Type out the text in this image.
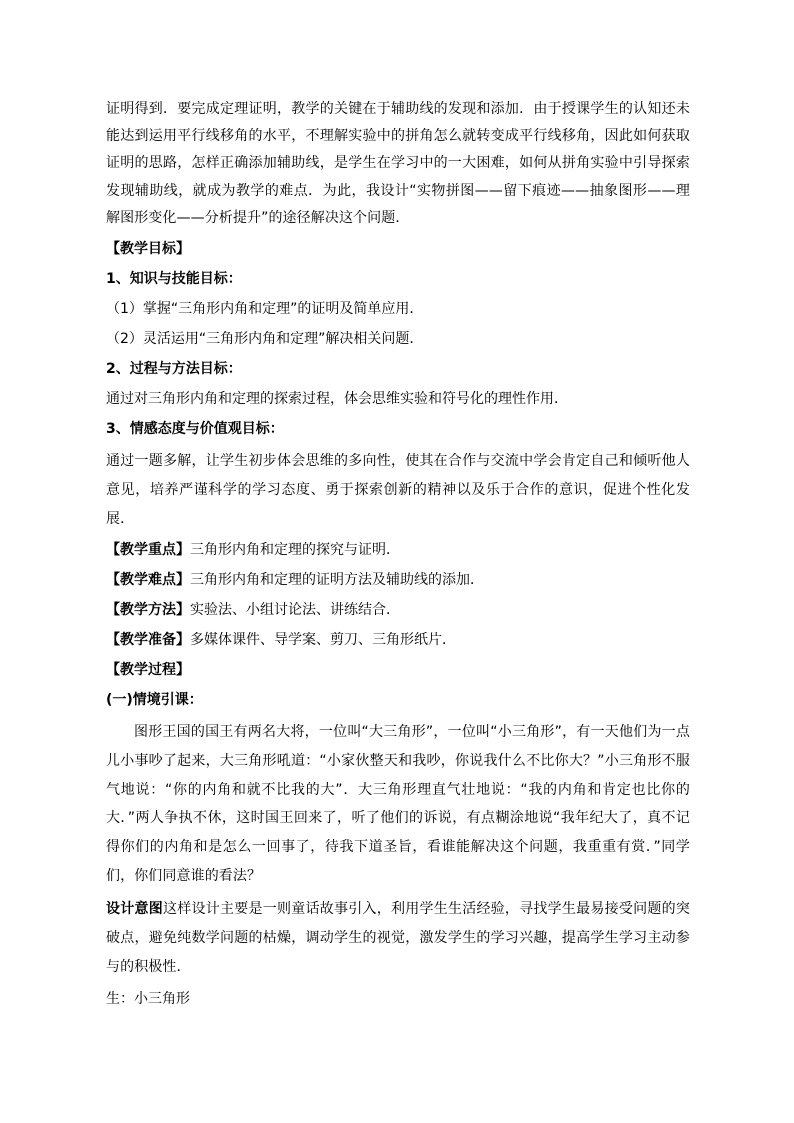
证明得到．要完成定理证明，教学的关键在于辅助线的发现和添加．由于授课学生的认知还未能达到运用平行线移角的水平，不理解实验中的拼角怎么就转变成平行线移角，因此如何获取证明的思路，怎样正确添加辅助线，是学生在学习中的一大困难，如何从拼角实验中引导探索发现辅助线，就成为教学的难点．为此，我设计“实物拼图——留下痕迹——抽象图形——理解图形变化——分析提升”的途径解决这个问题．

【教学目标】
1、知识与技能目标：
（1）掌握“三角形内角和定理”的证明及简单应用．
（2）灵活运用“三角形内角和定理”解决相关问题．
2、过程与方法目标：
通过对三角形内角和定理的探索过程，体会思维实验和符号化的理性作用．
3、情感态度与价值观目标：

通过一题多解，让学生初步体会思维的多向性，使其在合作与交流中学会肯定自己和倾听他人意见，培养严谨科学的学习态度、勇于探索创新的精神以及乐于合作的意识，促进个性化发展．

【教学重点】三角形内角和定理的探究与证明．
【教学难点】三角形内角和定理的证明方法及辅助线的添加．
【教学方法】实验法、小组讨论法、讲练结合．
【教学准备】多媒体课件、导学案、剪刀、三角形纸片．
【教学过程】
(一)情境引课：

图形王国的国王有两名大将，一位叫“大三角形”，一位叫“小三角形”，有一天他们为一点儿小事吵了起来，大三角形吼道：“小家伙整天和我吵，你说我什么不比你大？”小三角形不服气地说：“你的内角和就不比我的大”．大三角形理直气壮地说：“我的内角和肯定也比你的大．”两人争执不休，这时国王回来了，听了他们的诉说，有点糊涂地说“我年纪大了，真不记得你们的内角和是怎么一回事了，待我下道圣旨，看谁能解决这个问题，我重重有赏．”同学们，你们同意谁的看法？

设计意图这样设计主要是一则童话故事引入，利用学生生活经验，寻找学生最易接受问题的突破点，避免纯数学问题的枯燥，调动学生的视觉，激发学生的学习兴趣，提高学生学习主动参与的积极性．

生：小三角形
